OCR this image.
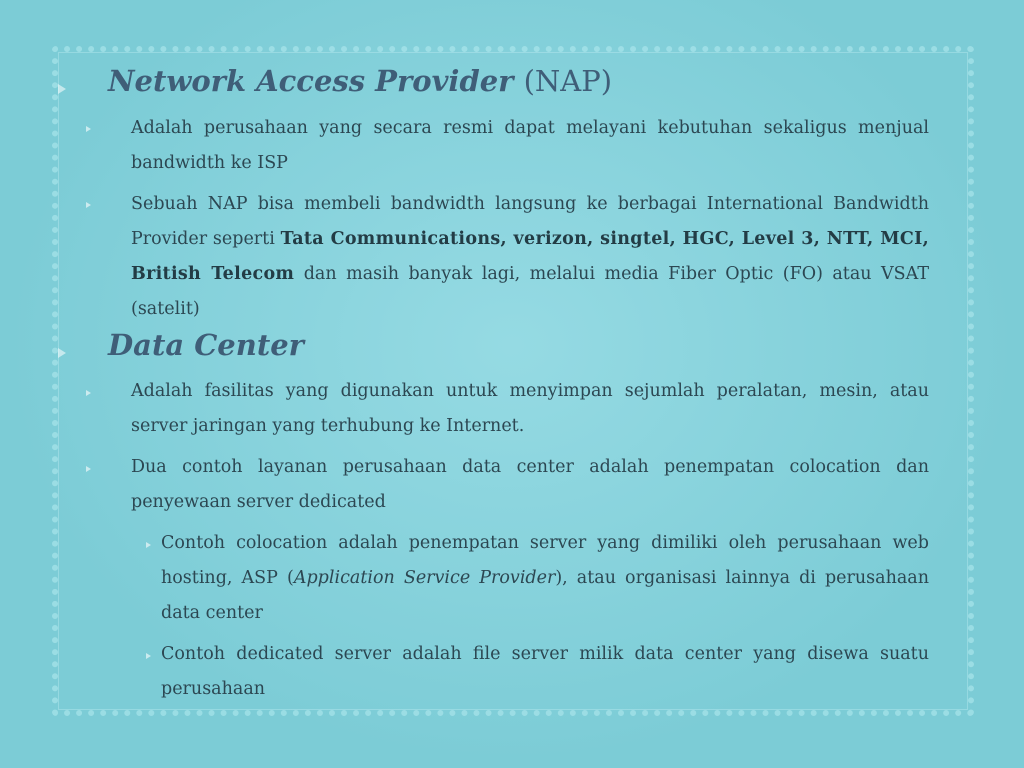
Network Access Provider (NAP)

Adalah perusahaan yang secara resmi dapat melayani kebutuhan sekaligus menjual bandwidth ke ISP

Sebuah NAP bisa membeli bandwidth langsung ke berbagai International Bandwidth Provider seperti Tata Communications, verizon, singtel, HGC, Level 3, NTT, MCI, British Telecom dan masih banyak lagi, melalui media Fiber Optic (FO) atau VSAT (satelit)

Data Center

Adalah fasilitas yang digunakan untuk menyimpan sejumlah peralatan, mesin, atau server jaringan yang terhubung ke Internet.

Dua contoh layanan perusahaan data center adalah penempatan colocation dan penyewaan server dedicated

Contoh colocation adalah penempatan server yang dimiliki oleh perusahaan web hosting, ASP (Application Service Provider), atau organisasi lainnya di perusahaan data center

Contoh dedicated server adalah file server milik data center yang disewa suatu perusahaan
